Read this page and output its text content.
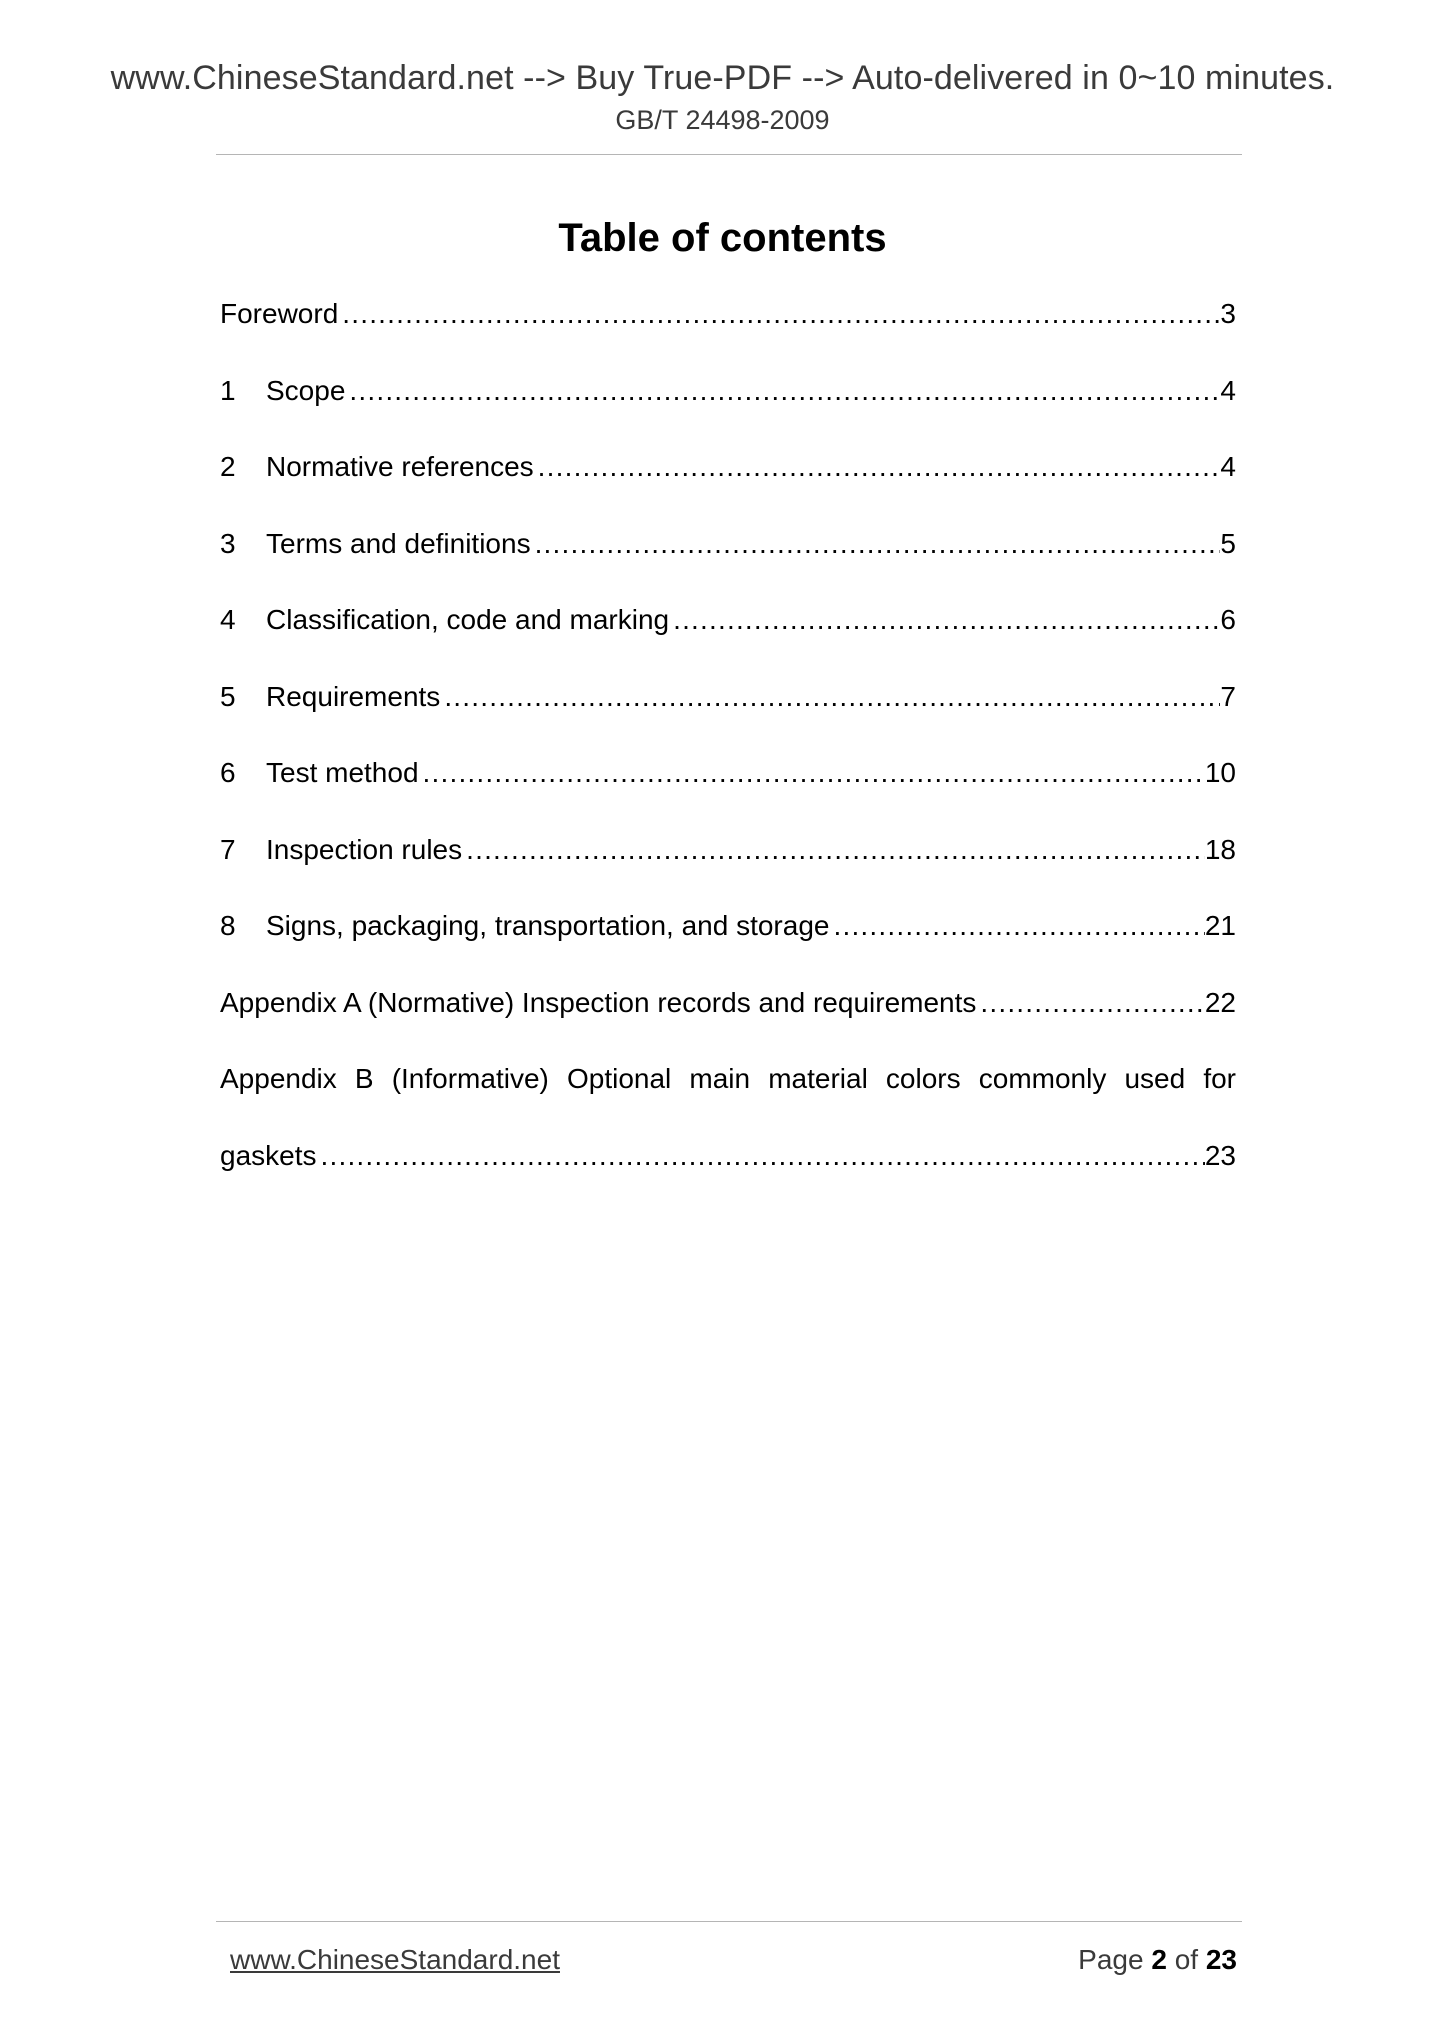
www.ChineseStandard.net --> Buy True-PDF --> Auto-delivered in 0~10 minutes.
GB/T 24498-2009
Table of contents
Foreword .....	3
1	Scope .....	4
2	Normative references .....	4
3	Terms and definitions .....	5
4	Classification, code and marking .....	6
5	Requirements .....	7
6	Test method .....	10
7	Inspection rules .....	18
8	Signs, packaging, transportation, and storage .....	21
Appendix A (Normative) Inspection records and requirements .....	22
Appendix B (Informative) Optional main material colors commonly used for
gaskets .....	23
www.ChineseStandard.net	Page 2 of 23
